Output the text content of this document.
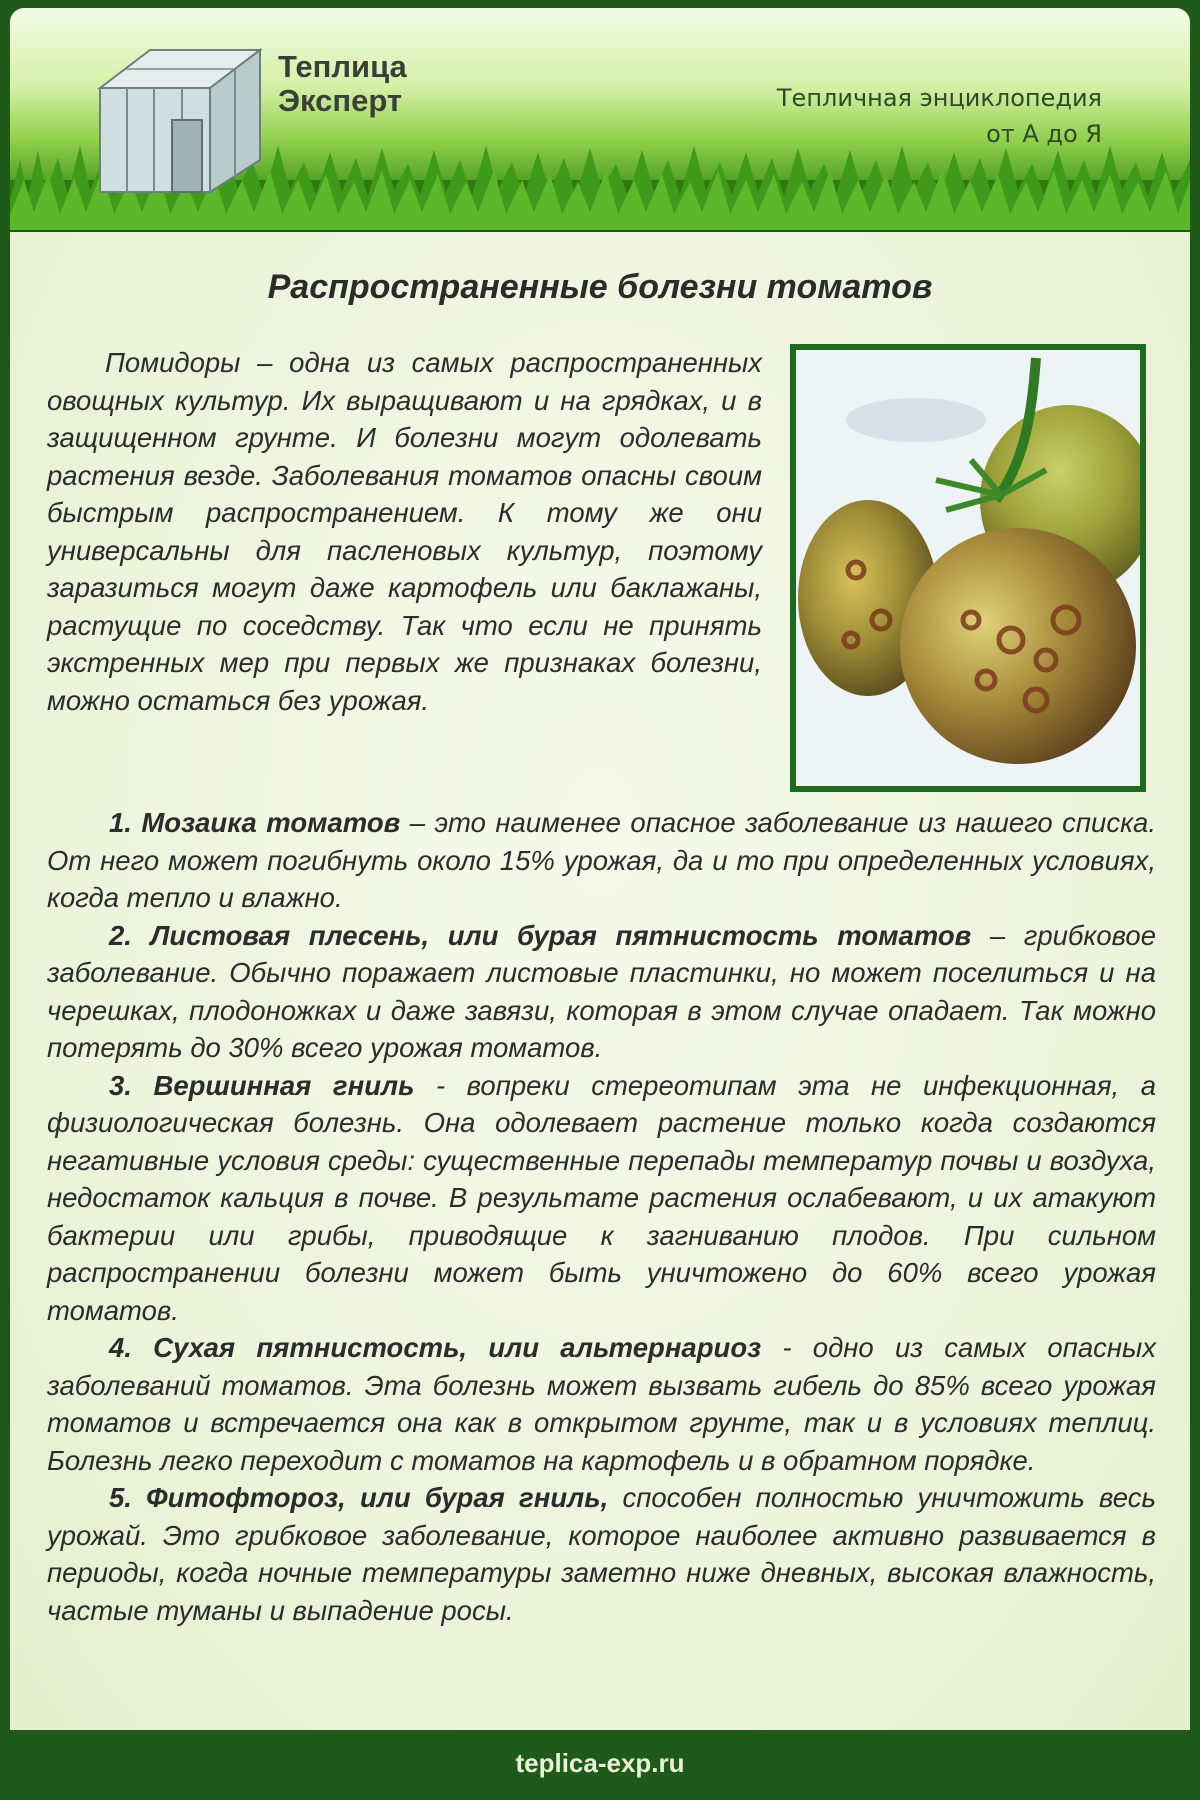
Теплица
Эксперт	Тепличная энциклопедия
от А до Я
Распространенные болезни томатов

Помидоры – одна из самых распространенных овощных культур. Их выращивают и на грядках, и в защищенном грунте. И болезни могут одолевать растения везде. Заболевания томатов опасны своим быстрым распространением. К тому же они универсальны для пасленовых культур, поэтому заразиться могут даже картофель или баклажаны, растущие по соседству. Так что если не принять экстренных мер при первых же признаках болезни, можно остаться без урожая.

1. Мозаика томатов – это наименее опасное заболевание из нашего списка. От него может погибнуть около 15% урожая, да и то при определенных условиях, когда тепло и влажно.

2. Листовая плесень, или бурая пятнистость томатов – грибковое заболевание. Обычно поражает листовые пластинки, но может поселиться и на черешках, плодоножках и даже завязи, которая в этом случае опадает. Так можно потерять до 30% всего урожая томатов.

3. Вершинная гниль - вопреки стереотипам эта не инфекционная, а физиологическая болезнь. Она одолевает растение только когда создаются негативные условия среды: существенные перепады температур почвы и воздуха, недостаток кальция в почве. В результате растения ослабевают, и их атакуют бактерии или грибы, приводящие к загниванию плодов. При сильном распространении болезни может быть уничтожено до 60% всего урожая томатов.

4. Сухая пятнистость, или альтернариоз - одно из самых опасных заболеваний томатов. Эта болезнь может вызвать гибель до 85% всего урожая томатов и встречается она как в открытом грунте, так и в условиях теплиц. Болезнь легко переходит с томатов на картофель и в обратном порядке.

5. Фитофтороз, или бурая гниль, способен полностью уничтожить весь урожай. Это грибковое заболевание, которое наиболее активно развивается в периоды, когда ночные температуры заметно ниже дневных, высокая влажность, частые туманы и выпадение росы.

teplica-exp.ru
